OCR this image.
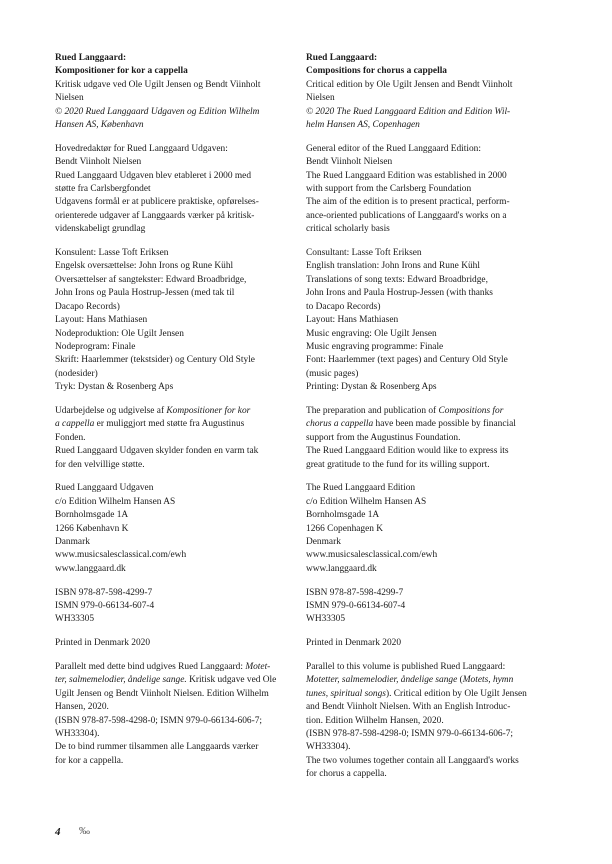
Rued Langgaard:
Kompositioner for kor a cappella
Kritisk udgave ved Ole Ugilt Jensen og Bendt Viinholt
Nielsen
© 2020 Rued Langgaard Udgaven og Edition Wilhelm
Hansen AS, København
Hovedredaktør for Rued Langgaard Udgaven:
Bendt Viinholt Nielsen
Rued Langgaard Udgaven blev etableret i 2000 med
støtte fra Carlsbergfondet
Udgavens formål er at publicere praktiske, opførelses-
orienterede udgaver af Langgaards værker på kritisk-
videnskabeligt grundlag
Konsulent: Lasse Toft Eriksen
Engelsk oversættelse: John Irons og Rune Kühl
Oversættelser af sangtekster: Edward Broadbridge,
John Irons og Paula Hostrup-Jessen (med tak til
Dacapo Records)
Layout: Hans Mathiasen
Nodeproduktion: Ole Ugilt Jensen
Nodeprogram: Finale
Skrift: Haarlemmer (tekstsider) og Century Old Style
(nodesider)
Tryk: Dystan & Rosenberg Aps
Udarbejdelse og udgivelse af Kompositioner for kor
a cappella er muliggjort med støtte fra Augustinus
Fonden.
Rued Langgaard Udgaven skylder fonden en varm tak
for den velvillige støtte.
Rued Langgaard Udgaven
c/o Edition Wilhelm Hansen AS
Bornholmsgade 1A
1266 København K
Danmark
www.musicsalesclassical.com/ewh
www.langgaard.dk
ISBN 978-87-598-4299-7
ISMN 979-0-66134-607-4
WH33305
Printed in Denmark 2020
Parallelt med dette bind udgives Rued Langgaard: Motet-
ter, salmemelodier, åndelige sange. Kritisk udgave ved Ole
Ugilt Jensen og Bendt Viinholt Nielsen. Edition Wilhelm
Hansen, 2020.
(ISBN 978-87-598-4298-0; ISMN 979-0-66134-606-7;
WH33304).
De to bind rummer tilsammen alle Langgaards værker
for kor a cappella.
Rued Langgaard:
Compositions for chorus a cappella
Critical edition by Ole Ugilt Jensen and Bendt Viinholt
Nielsen
© 2020 The Rued Langgaard Edition and Edition Wil-
helm Hansen AS, Copenhagen
General editor of the Rued Langgaard Edition:
Bendt Viinholt Nielsen
The Rued Langgaard Edition was established in 2000
with support from the Carlsberg Foundation
The aim of the edition is to present practical, perform-
ance-oriented publications of Langgaard's works on a
critical scholarly basis
Consultant: Lasse Toft Eriksen
English translation: John Irons and Rune Kühl
Translations of song texts: Edward Broadbridge,
John Irons and Paula Hostrup-Jessen (with thanks
to Dacapo Records)
Layout: Hans Mathiasen
Music engraving: Ole Ugilt Jensen
Music engraving programme: Finale
Font: Haarlemmer (text pages) and Century Old Style
(music pages)
Printing: Dystan & Rosenberg Aps
The preparation and publication of Compositions for
chorus a cappella have been made possible by financial
support from the Augustinus Foundation.
The Rued Langgaard Edition would like to express its
great gratitude to the fund for its willing support.
The Rued Langgaard Edition
c/o Edition Wilhelm Hansen AS
Bornholmsgade 1A
1266 Copenhagen K
Denmark
www.musicsalesclassical.com/ewh
www.langgaard.dk
ISBN 978-87-598-4299-7
ISMN 979-0-66134-607-4
WH33305
Printed in Denmark 2020
Parallel to this volume is published Rued Langgaard:
Motetter, salmemelodier, åndelige sange (Motets, hymn
tunes, spiritual songs). Critical edition by Ole Ugilt Jensen
and Bendt Viinholt Nielsen. With an English Introduc-
tion. Edition Wilhelm Hansen, 2020.
(ISBN 978-87-598-4298-0; ISMN 979-0-66134-606-7;
WH33304).
The two volumes together contain all Langgaard's works
for chorus a cappella.
4 ‰
